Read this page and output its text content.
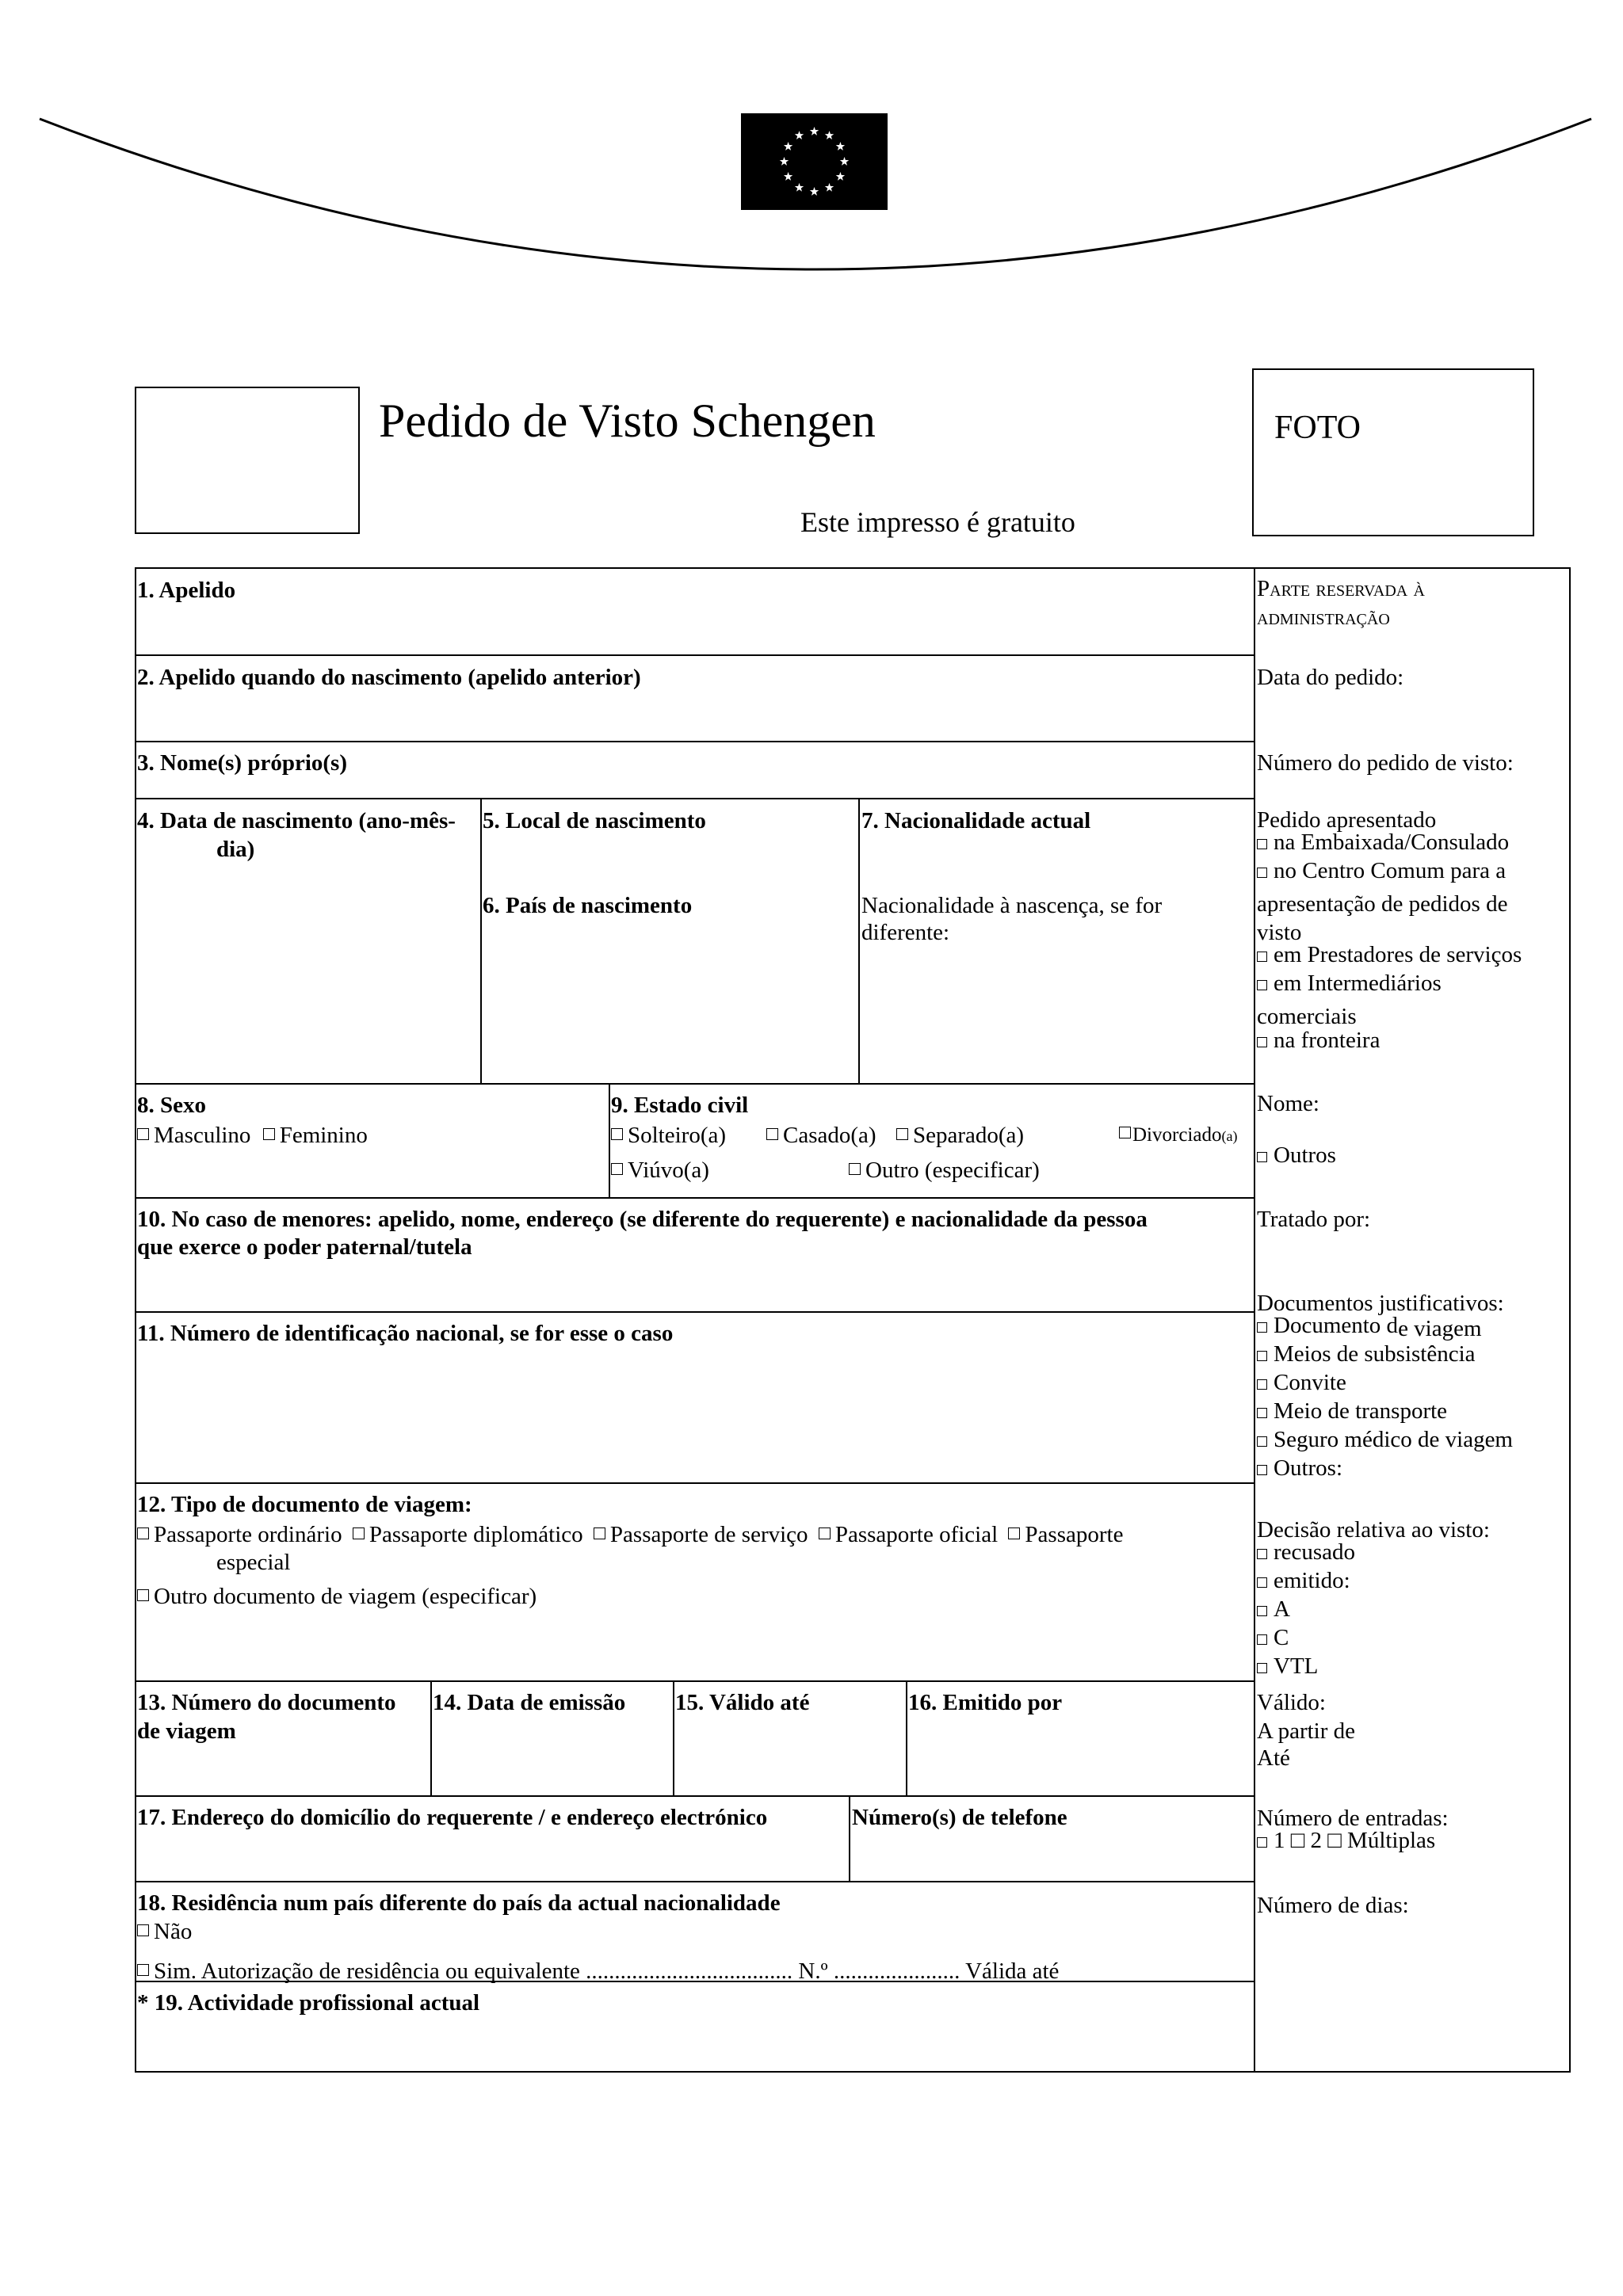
Pedido de Visto Schengen	FOTO
Este impresso é gratuito
1. Apelido
2. Apelido quando do nascimento (apelido anterior)
3. Nome(s) próprio(s)
4. Data de nascimento (ano-mês-
dia)
5. Local de nascimento
6. País de nascimento
7. Nacionalidade actual
Nacionalidade à nascença, se for
diferente:
8. Sexo
Masculino Feminino
9. Estado civil
Solteiro(a)	Casado(a)	Separado(a)	Divorciado(a)
Viúvo(a)	Outro (especificar)
10. No caso de menores: apelido, nome, endereço (se diferente do requerente) e nacionalidade da pessoa
que exerce o poder paternal/tutela
11. Número de identificação nacional, se for esse o caso
12. Tipo de documento de viagem:
Passaporte ordinário Passaporte diplomático Passaporte de serviço Passaporte oficial Passaporte
especial
Outro documento de viagem (especificar)
13. Número do documento
de viagem
14. Data de emissão 15. Válido até	16. Emitido por
17. Endereço do domicílio do requerente / e endereço electrónico	Número(s) de telefone
18. Residência num país diferente do país da actual nacionalidade
Não
Sim. Autorização de residência ou equivalente .................................... N.º ...................... Válida até
* 19. Actividade profissional actual
Parte reservada à
administração
Data do pedido:
Número do pedido de visto:
Pedido apresentado
na Embaixada/Consulado
no Centro Comum para a
apresentação de pedidos de
visto
em Prestadores de serviços
em Intermediários
comerciais
na fronteira
Nome:
Outros
Tratado por:
Documentos justificativos:
Documento de viagem
Meios de subsistência
Convite
Meio de transporte
Seguro médico de viagem
Outros:
Decisão relativa ao visto:
recusado
emitido:
A
C
VTL
Válido:
A partir de
Até
Número de entradas:
1 □ 2 □ Múltiplas
Número de dias:
